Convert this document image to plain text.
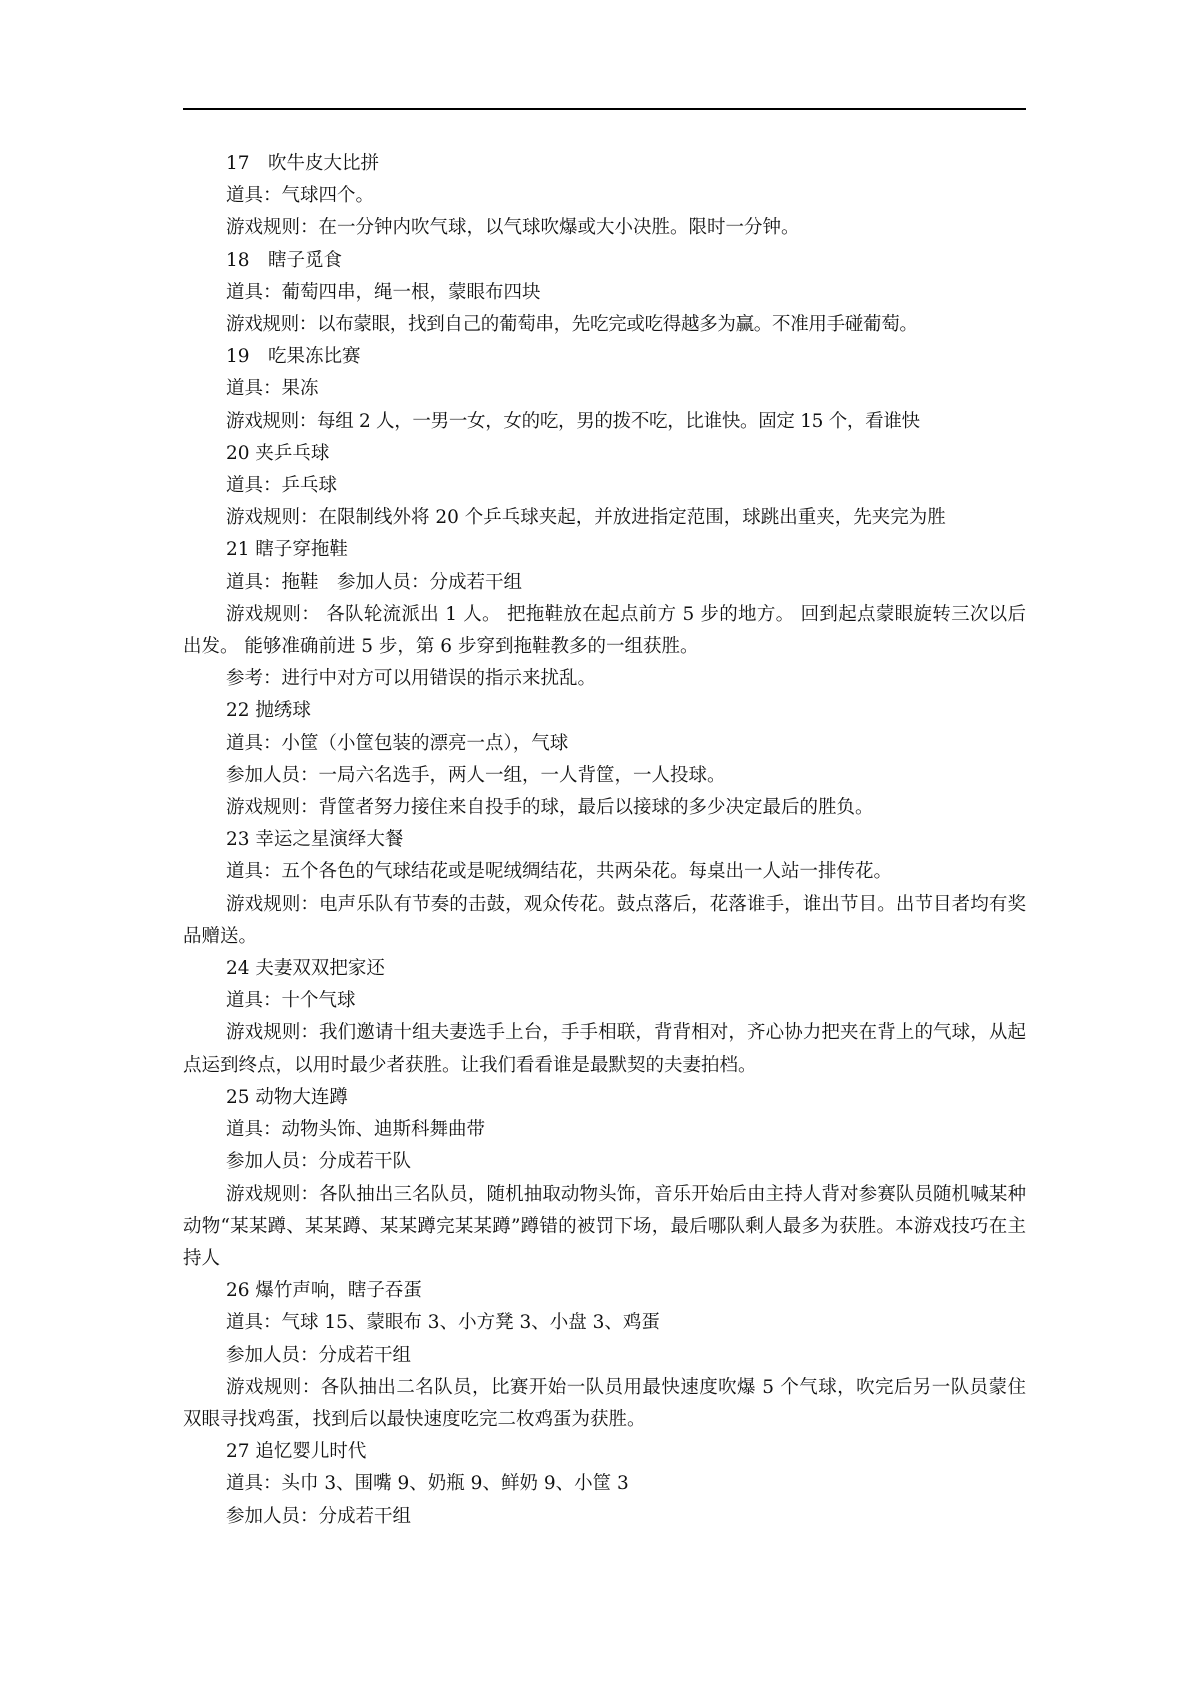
17　吹牛皮大比拼

道具：气球四个。

游戏规则：在一分钟内吹气球，以气球吹爆或大小决胜。限时一分钟。

18　瞎子觅食

道具：葡萄四串，绳一根，蒙眼布四块

游戏规则：以布蒙眼，找到自己的葡萄串，先吃完或吃得越多为赢。不准用手碰葡萄。

19　吃果冻比赛

道具：果冻

游戏规则：每组 2 人，一男一女，女的吃，男的拨不吃，比谁快。固定 15 个，看谁快

20 夹乒乓球

道具：乒乓球

游戏规则：在限制线外将 20 个乒乓球夹起，并放进指定范围，球跳出重夹，先夹完为胜

21 瞎子穿拖鞋

道具：拖鞋　参加人员：分成若干组

游戏规则： 各队轮流派出 1 人。 把拖鞋放在起点前方 5 步的地方。 回到起点蒙眼旋转三次以后出发。 能够准确前进 5 步，第 6 步穿到拖鞋教多的一组获胜。

参考：进行中对方可以用错误的指示来扰乱。

22 抛绣球

道具：小筐（小筐包装的漂亮一点），气球

参加人员：一局六名选手，两人一组，一人背筐，一人投球。

游戏规则：背筐者努力接住来自投手的球，最后以接球的多少决定最后的胜负。

23 幸运之星演绎大餐

道具：五个各色的气球结花或是呢绒绸结花，共两朵花。每桌出一人站一排传花。

游戏规则：电声乐队有节奏的击鼓，观众传花。鼓点落后，花落谁手，谁出节目。出节目者均有奖品赠送。

24 夫妻双双把家还

道具：十个气球

游戏规则：我们邀请十组夫妻选手上台，手手相联，背背相对，齐心协力把夹在背上的气球，从起点运到终点，以用时最少者获胜。让我们看看谁是最默契的夫妻拍档。

25 动物大连蹲

道具：动物头饰、迪斯科舞曲带

参加人员：分成若干队

游戏规则：各队抽出三名队员，随机抽取动物头饰，音乐开始后由主持人背对参赛队员随机喊某种动物“某某蹲、某某蹲、某某蹲完某某蹲”蹲错的被罚下场，最后哪队剩人最多为获胜。本游戏技巧在主持人

26 爆竹声响，瞎子吞蛋

道具：气球 15、蒙眼布 3、小方凳 3、小盘 3、鸡蛋

参加人员：分成若干组

游戏规则：各队抽出二名队员，比赛开始一队员用最快速度吹爆 5 个气球，吹完后另一队员蒙住双眼寻找鸡蛋，找到后以最快速度吃完二枚鸡蛋为获胜。

27 追忆婴儿时代

道具：头巾 3、围嘴 9、奶瓶 9、鲜奶 9、小筐 3

参加人员：分成若干组
